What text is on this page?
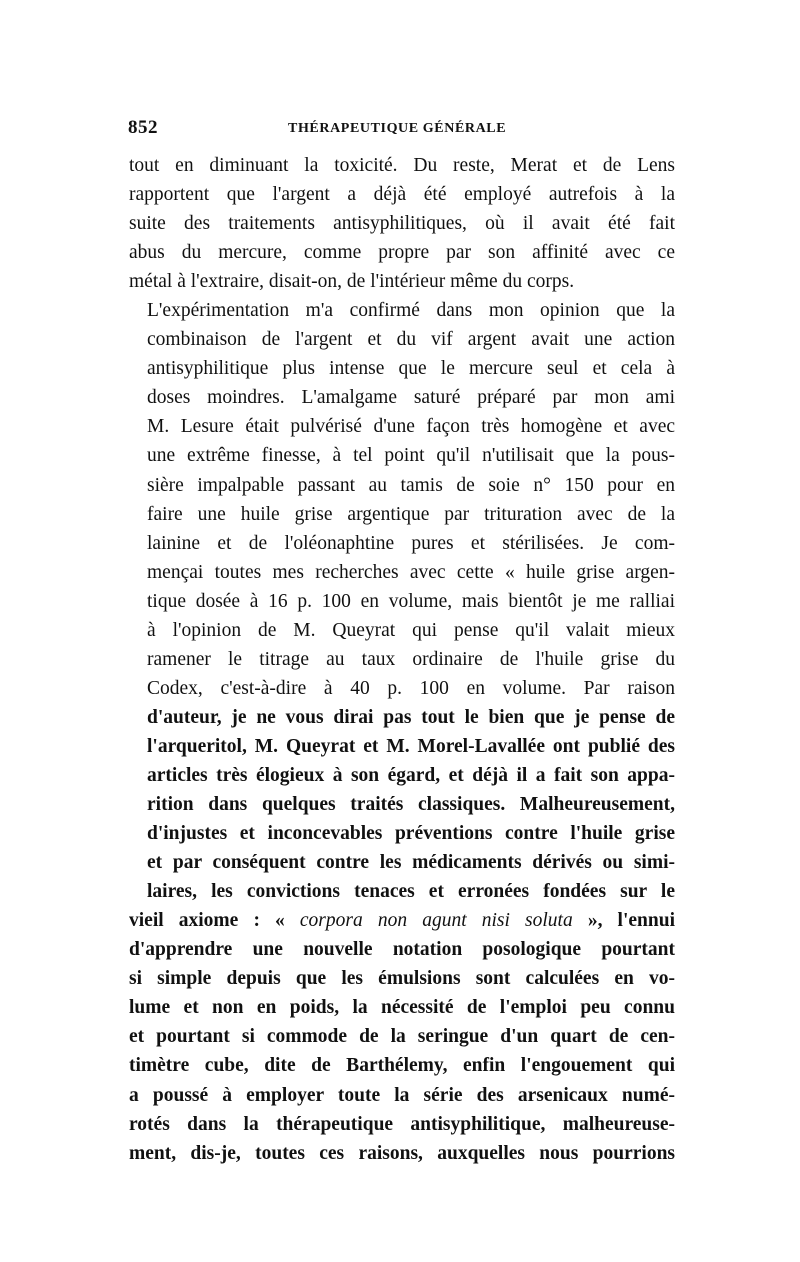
852	THÉRAPEUTIQUE GÉNÉRALE

tout en diminuant la toxicité. Du reste, Merat et de Lens
rapportent que l'argent a déjà été employé autrefois à la
suite des traitements antisyphilitiques, où il avait été fait
abus du mercure, comme propre par son affinité avec ce
métal à l'extraire, disait-on, de l'intérieur même du corps.

L'expérimentation m'a confirmé dans mon opinion que la
combinaison de l'argent et du vif argent avait une action
antisyphilitique plus intense que le mercure seul et cela à
doses moindres. L'amalgame saturé préparé par mon ami
M. Lesure était pulvérisé d'une façon très homogène et avec
une extrême finesse, à tel point qu'il n'utilisait que la pous-
sière impalpable passant au tamis de soie n° 150 pour en
faire une huile grise argentique par trituration avec de la
lainine et de l'oléonaphtine pures et stérilisées. Je com-
mençai toutes mes recherches avec cette « huile grise argen-
tique dosée à 16 p. 100 en volume, mais bientôt je me ralliai
à l'opinion de M. Queyrat qui pense qu'il valait mieux
ramener le titrage au taux ordinaire de l'huile grise du
Codex, c'est-à-dire à 40 p. 100 en volume. Par raison
d'auteur, je ne vous dirai pas tout le bien que je pense de
l'arqueritol, M. Queyrat et M. Morel-Lavallée ont publié des
articles très élogieux à son égard, et déjà il a fait son appa-
rition dans quelques traités classiques. Malheureusement,
d'injustes et inconcevables préventions contre l'huile grise
et par conséquent contre les médicaments dérivés ou simi-
laires, les convictions tenaces et erronées fondées sur le

vieil axiome : « corpora non agunt nisi soluta », l'ennui
d'apprendre une nouvelle notation posologique pourtant
si simple depuis que les émulsions sont calculées en vo-
lume et non en poids, la nécessité de l'emploi peu connu
et pourtant si commode de la seringue d'un quart de cen-
timètre cube, dite de Barthélemy, enfin l'engouement qui
a poussé à employer toute la série des arsenicaux numé-
rotés dans la thérapeutique antisyphilitique, malheureuse-
ment, dis-je, toutes ces raisons, auxquelles nous pourrions
